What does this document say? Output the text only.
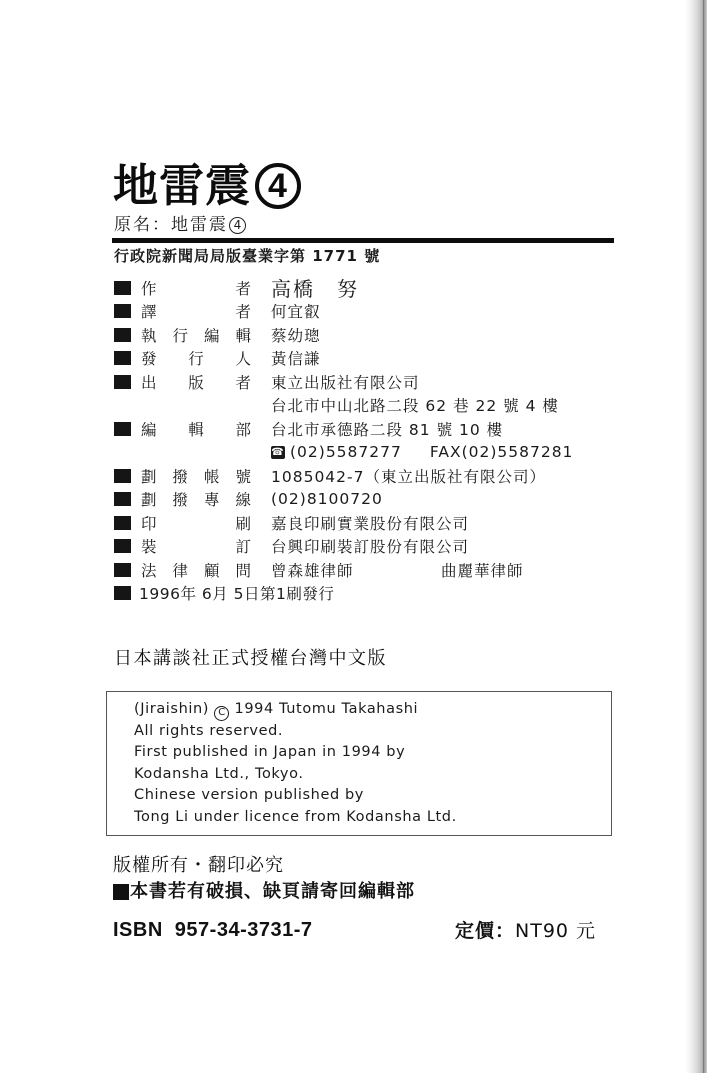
地雷震 4
原名： 地雷震 4
行政院新聞局局版臺業字第 1771 號
作	者 高橋　努
譯	者 何宜叡
執 行 編 輯 蔡幼璁
發 行 人 黃信謙
出 版 者 東立出版社有限公司
台北市中山北路二段 62 巷 22 號 4 樓
編 輯 部 台北市承德路二段 81 號 10 樓
☎ (02)5587277 FAX(02)5587281
劃 撥 帳 號 1085042-7（東立出版社有限公司）
劃 撥 專 線 (02)8100720
印	刷 嘉良印刷實業股份有限公司
裝	訂 台興印刷裝訂股份有限公司
法 律 顧 問 曾森雄律師	曲麗華律師
1996年 6月 5日第1刷發行
日本講談社正式授權台灣中文版
(Jiraishin) C 1994 Tutomu Takahashi
All rights reserved.
First published in Japan in 1994 by
Kodansha Ltd., Tokyo.
Chinese version published by
Tong Li under licence from Kodansha Ltd.
版權所有・翻印必究
本書若有破損、缺頁請寄回編輯部
ISBN 957-34-3731-7	定價：NT90 元
